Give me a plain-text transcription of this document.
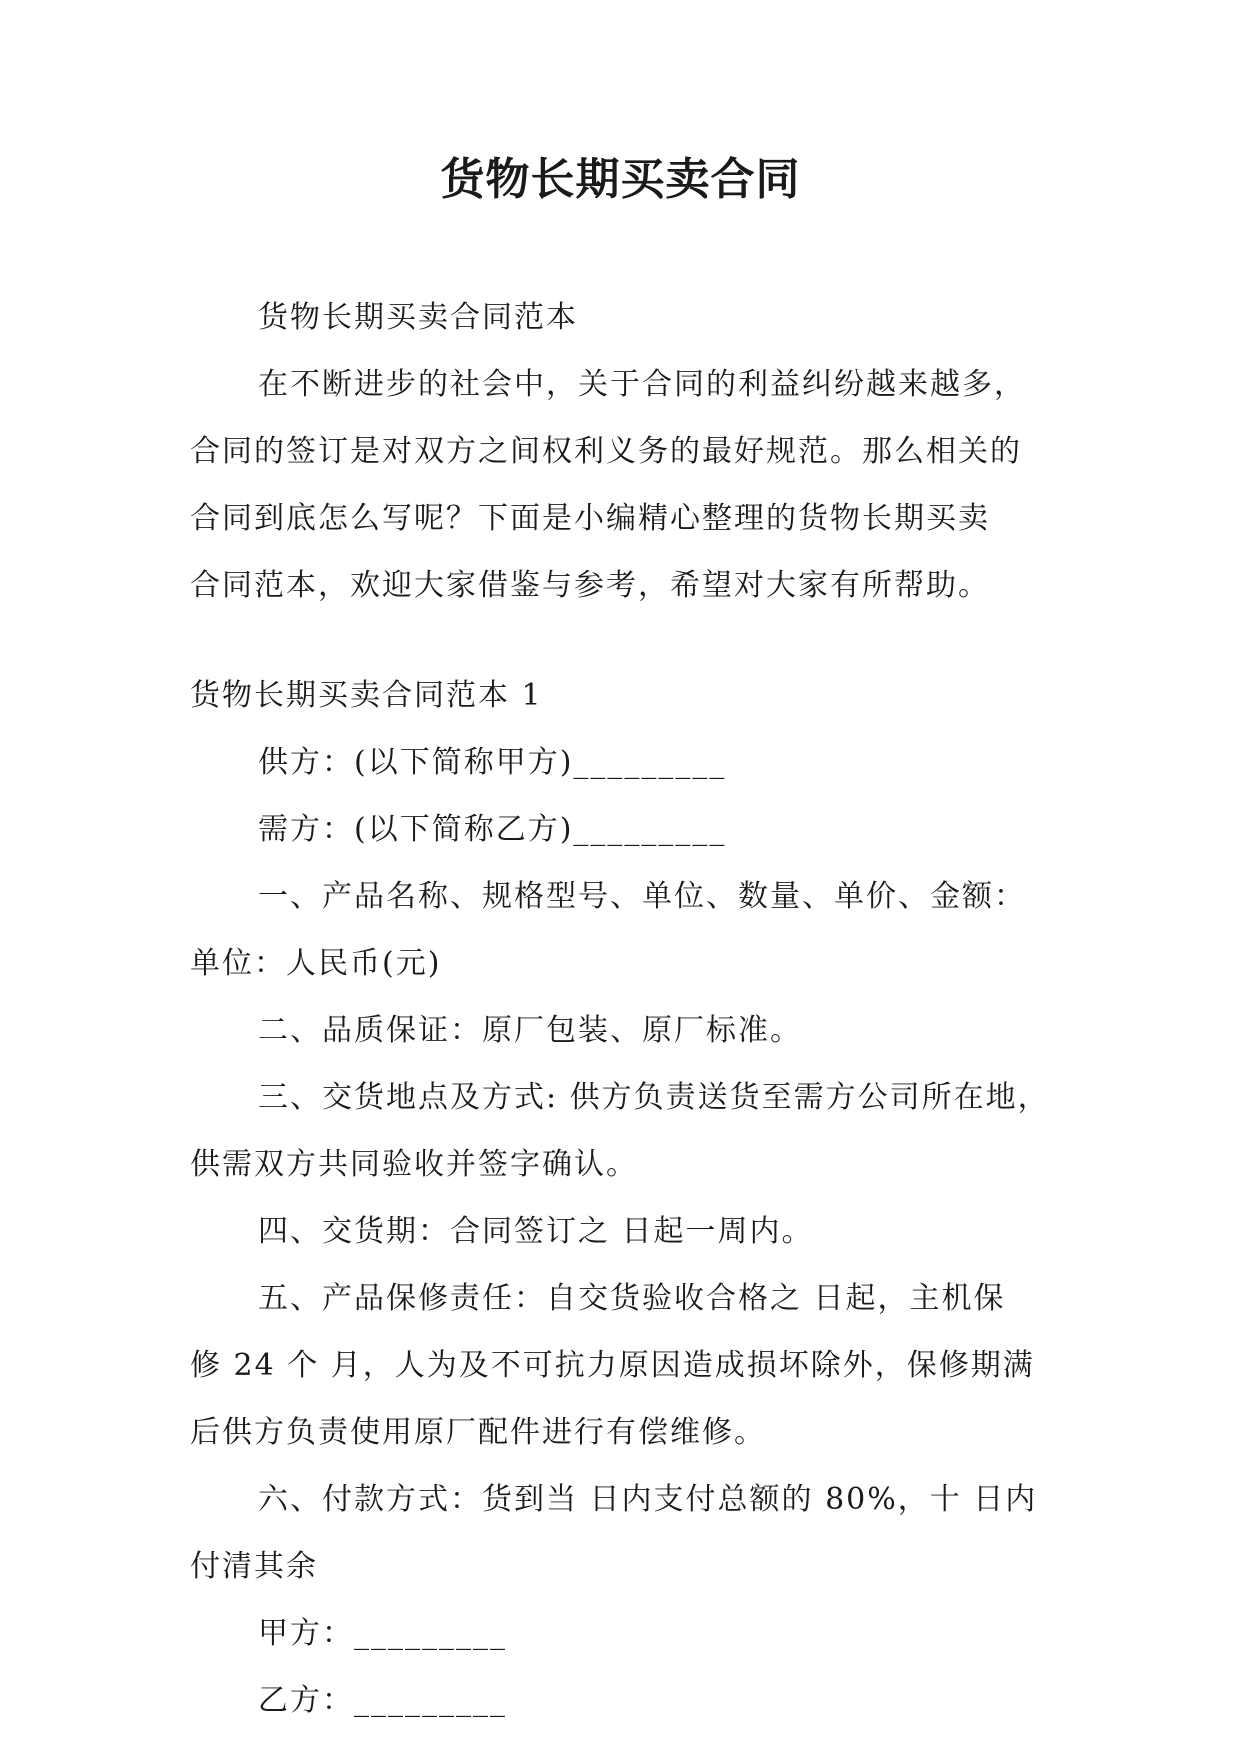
货物长期买卖合同
货物长期买卖合同范本
在不断进步的社会中，关于合同的利益纠纷越来越多，
合同的签订是对双方之间权利义务的最好规范。那么相关的
合同到底怎么写呢？下面是小编精心整理的货物长期买卖
合同范本，欢迎大家借鉴与参考，希望对大家有所帮助。
货物长期买卖合同范本 1
供方：(以下简称甲方)_________
需方：(以下简称乙方)_________
一、产品名称、规格型号、单位、数量、单价、金额：
单位：人民币(元)
二、品质保证：原厂包装、原厂标准。
三、交货地点及方式: 供方负责送货至需方公司所在地，
供需双方共同验收并签字确认。
四、交货期：合同签订之 日起一周内。
五、产品保修责任：自交货验收合格之 日起，主机保
修 24 个 月，人为及不可抗力原因造成损坏除外，保修期满
后供方负责使用原厂配件进行有偿维修。
六、付款方式：货到当 日内支付总额的 80%，十 日内
付清其余
甲方：_________
乙方：_________
